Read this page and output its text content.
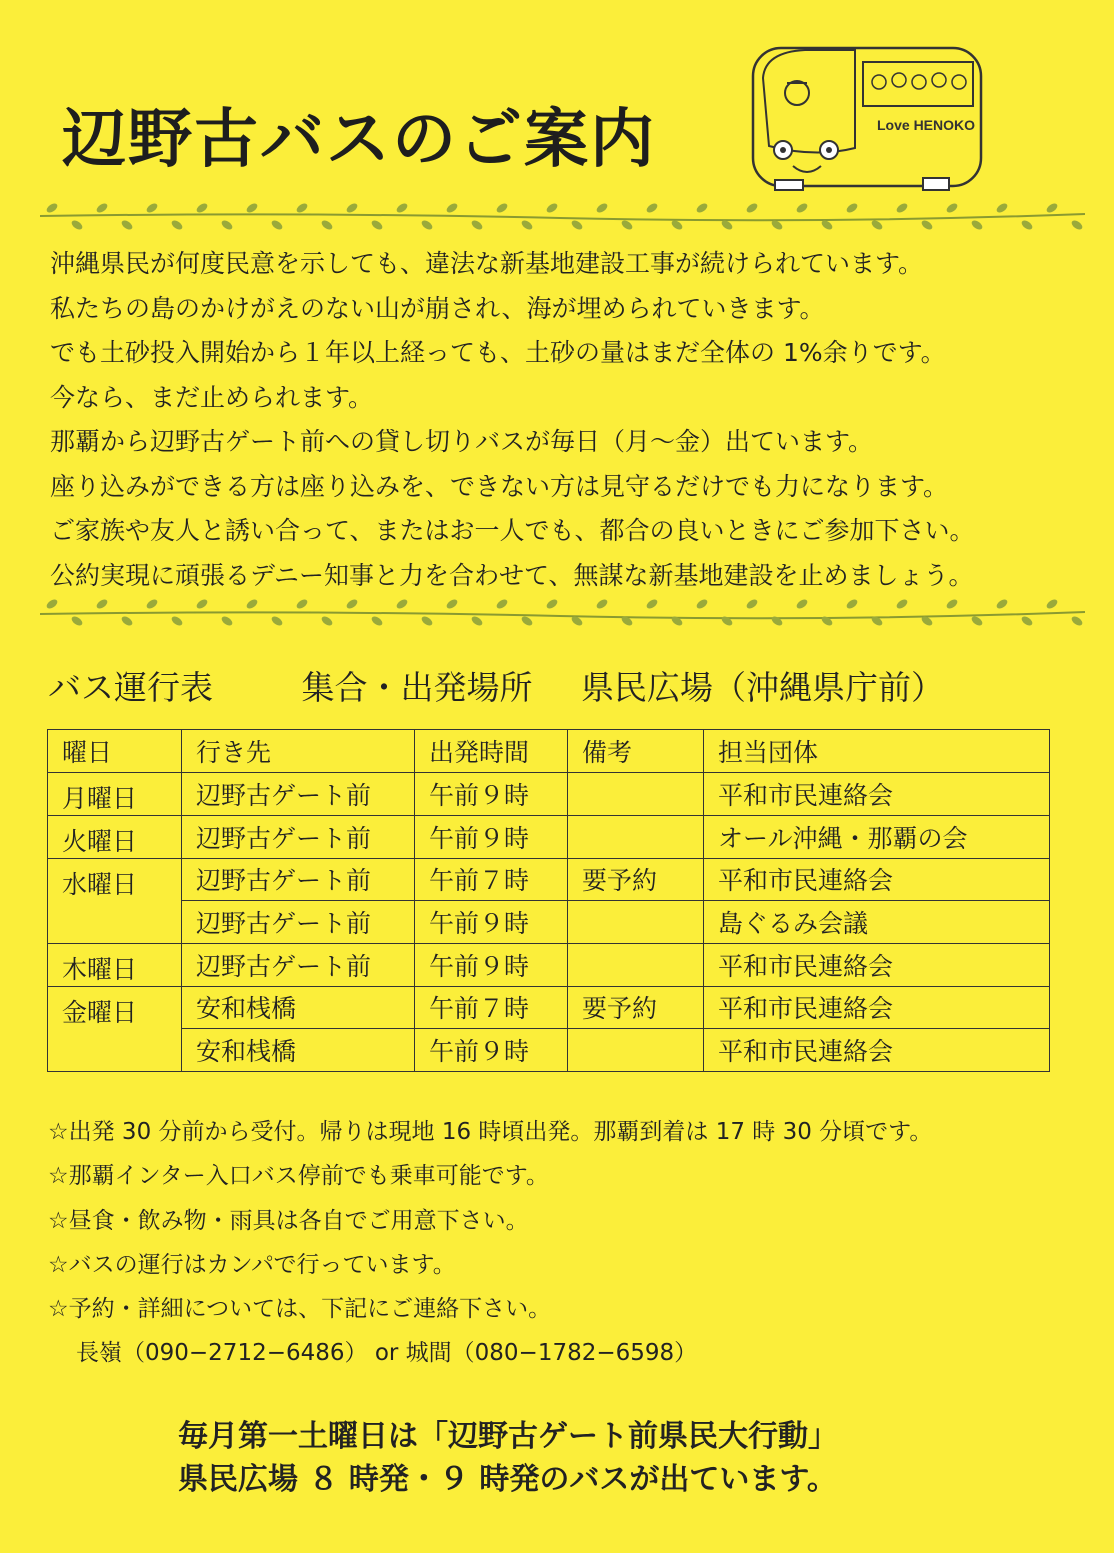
辺野古バスのご案内	Love HENOKO

沖縄県民が何度民意を示しても、違法な新基地建設工事が続けられています。

私たちの島のかけがえのない山が崩され、海が埋められていきます。

でも土砂投入開始から１年以上経っても、土砂の量はまだ全体の 1%余りです。

今なら、まだ止められます。

那覇から辺野古ゲート前への貸し切りバスが毎日（月〜金）出ています。

座り込みができる方は座り込みを、できない方は見守るだけでも力になります。

ご家族や友人と誘い合って、またはお一人でも、都合の良いときにご参加下さい。

公約実現に頑張るデニー知事と力を合わせて、無謀な新基地建設を止めましょう。

バス運行表	集合・出発場所 県民広場（沖縄県庁前）
曜日	行き先	出発時間	備考	担当団体
月曜日	辺野古ゲート前	午前９時		平和市民連絡会
火曜日	辺野古ゲート前	午前９時		オール沖縄・那覇の会
水曜日	辺野古ゲート前	午前７時	要予約	平和市民連絡会
	辺野古ゲート前	午前９時		島ぐるみ会議
木曜日	辺野古ゲート前	午前９時		平和市民連絡会
金曜日	安和桟橋	午前７時	要予約	平和市民連絡会
	安和桟橋	午前９時		平和市民連絡会

☆出発 30 分前から受付。帰りは現地 16 時頃出発。那覇到着は 17 時 30 分頃です。

☆那覇インター入口バス停前でも乗車可能です。

☆昼食・飲み物・雨具は各自でご用意下さい。

☆バスの運行はカンパで行っています。

☆予約・詳細については、下記にご連絡下さい。

長嶺（090−2712−6486） or 城間（080−1782−6598）

毎月第一土曜日は「辺野古ゲート前県民大行動」

県民広場 ８ 時発・９ 時発のバスが出ています。
